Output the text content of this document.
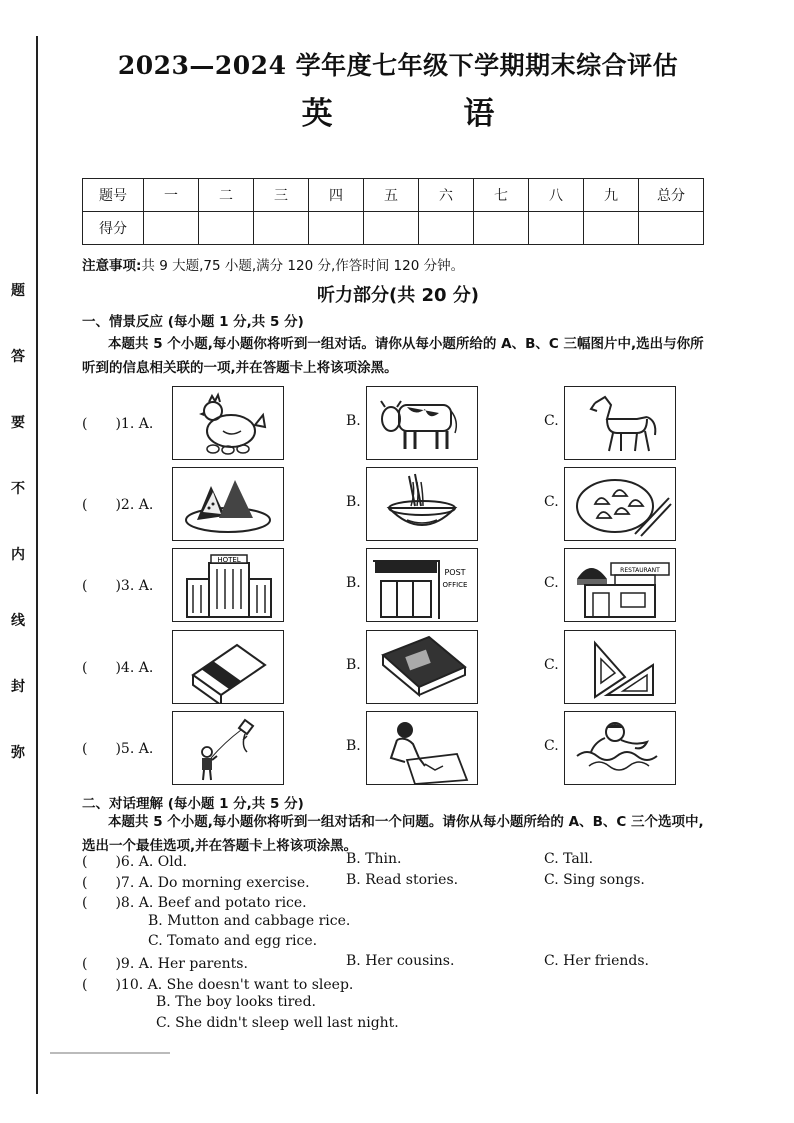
题
答
要
不
内
线
封
弥
2023—2024 学年度七年级下学期期末综合评估
英 语
题号	一	二	三	四	五	六	七	八	九	总分
得分										
注意事项:共 9 大题,75 小题,满分 120 分,作答时间 120 分钟。
听力部分(共 20 分)
一、情景反应 (每小题 1 分,共 5 分)
本题共 5 个小题,每小题你将听到一组对话。请你从每小题所给的 A、B、C 三幅图片中,选出与你所听到的信息相关联的一项,并在答题卡上将该项涂黑。
(　　)1. A.	B.	C.
(　　)2. A.	B.	C.
(　　)3. A.
HOTEL
B.
POST
OFFICE	C.
RESTAURANT
(　　)4. A.	B.	C.
(　　)5. A.	B.	C.
二、对话理解 (每小题 1 分,共 5 分)
本题共 5 个小题,每小题你将听到一组对话和一个问题。请你从每小题所给的 A、B、C 三个选项中,选出一个最佳选项,并在答题卡上将该项涂黑。
(　　)6. A. Old.	B. Thin.	C. Tall.
(　　)7. A. Do morning exercise.	B. Read stories.	C. Sing songs.
(　　)8. A. Beef and potato rice.
B. Mutton and cabbage rice.
C. Tomato and egg rice.
(　　)9. A. Her parents.	B. Her cousins.	C. Her friends.
(　　)10. A. She doesn't want to sleep.
B. The boy looks tired.
C. She didn't sleep well last night.
